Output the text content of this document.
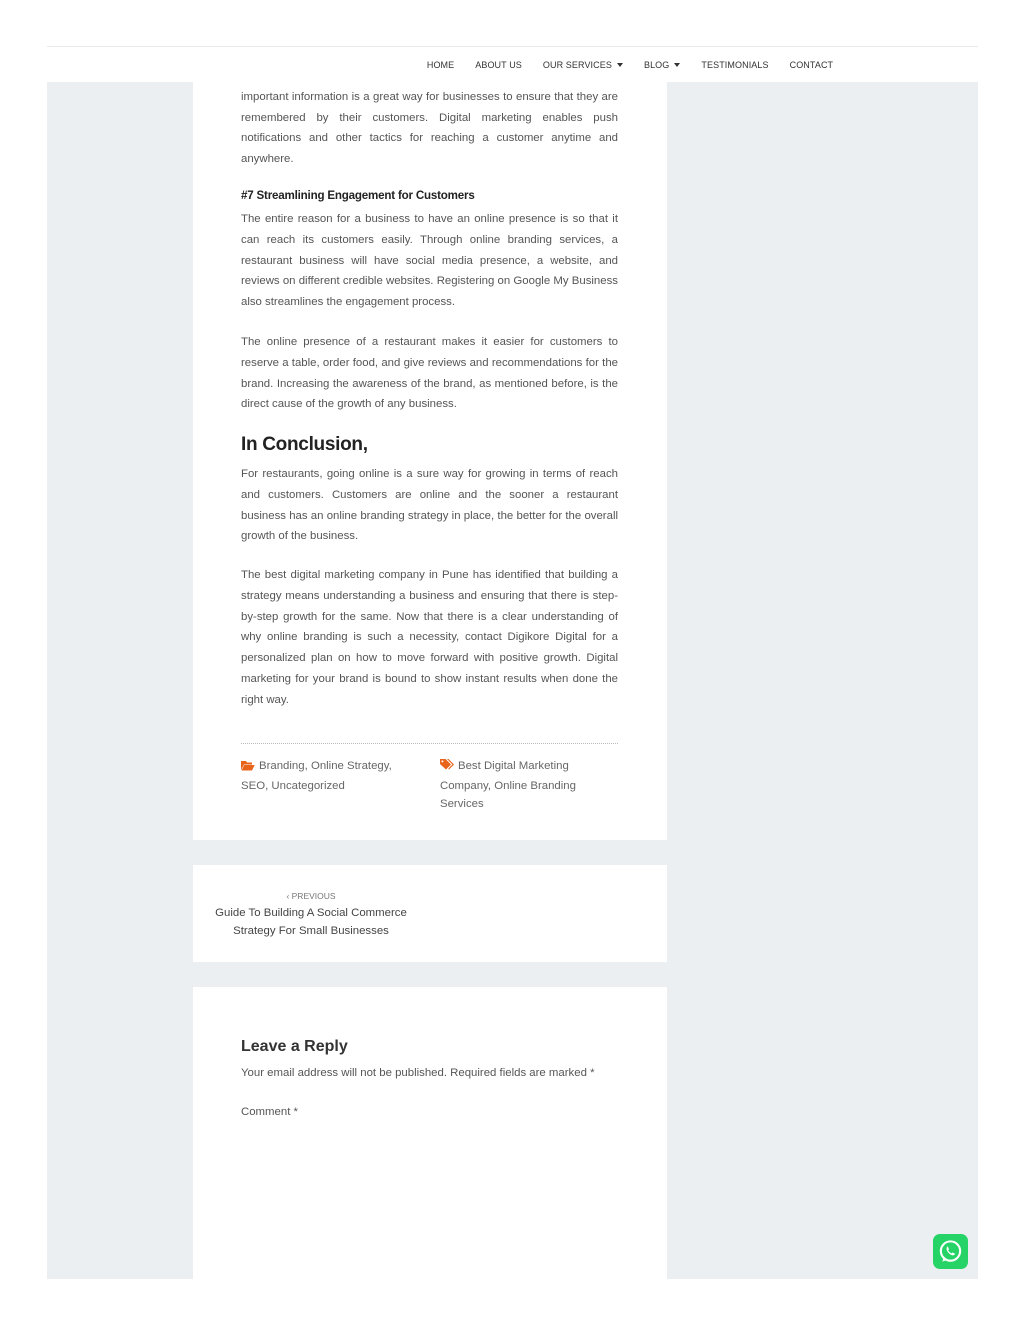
HOME ABOUT US OUR SERVICES	BLOG	TESTIMONIALS CONTACT

important information is a great way for businesses to ensure that they are remembered by their customers. Digital marketing enables push notifications and other tactics for reaching a customer anytime and anywhere.

#7 Streamlining Engagement for Customers

The entire reason for a business to have an online presence is so that it can reach its customers easily. Through online branding services, a restaurant business will have social media presence, a website, and reviews on different credible websites. Registering on Google My Business also streamlines the engagement process.

The online presence of a restaurant makes it easier for customers to reserve a table, order food, and give reviews and recommendations for the brand. Increasing the awareness of the brand, as mentioned before, is the direct cause of the growth of any business.

In Conclusion,

For restaurants, going online is a sure way for growing in terms of reach and customers. Customers are online and the sooner a restaurant business has an online branding strategy in place, the better for the overall growth of the business.

The best digital marketing company in Pune has identified that building a strategy means understanding a business and ensuring that there is step-by-step growth for the same. Now that there is a clear understanding of why online branding is such a necessity, contact Digikore Digital for a personalized plan on how to move forward with positive growth. Digital marketing for your brand is bound to show instant results when done the right way.

Branding, Online Strategy, SEO, Uncategorized
Best Digital Marketing Company, Online Branding Services
‹ PREVIOUS
Guide To Building A Social Commerce Strategy For Small Businesses
Leave a Reply
Your email address will not be published. Required fields are marked *
Comment *
